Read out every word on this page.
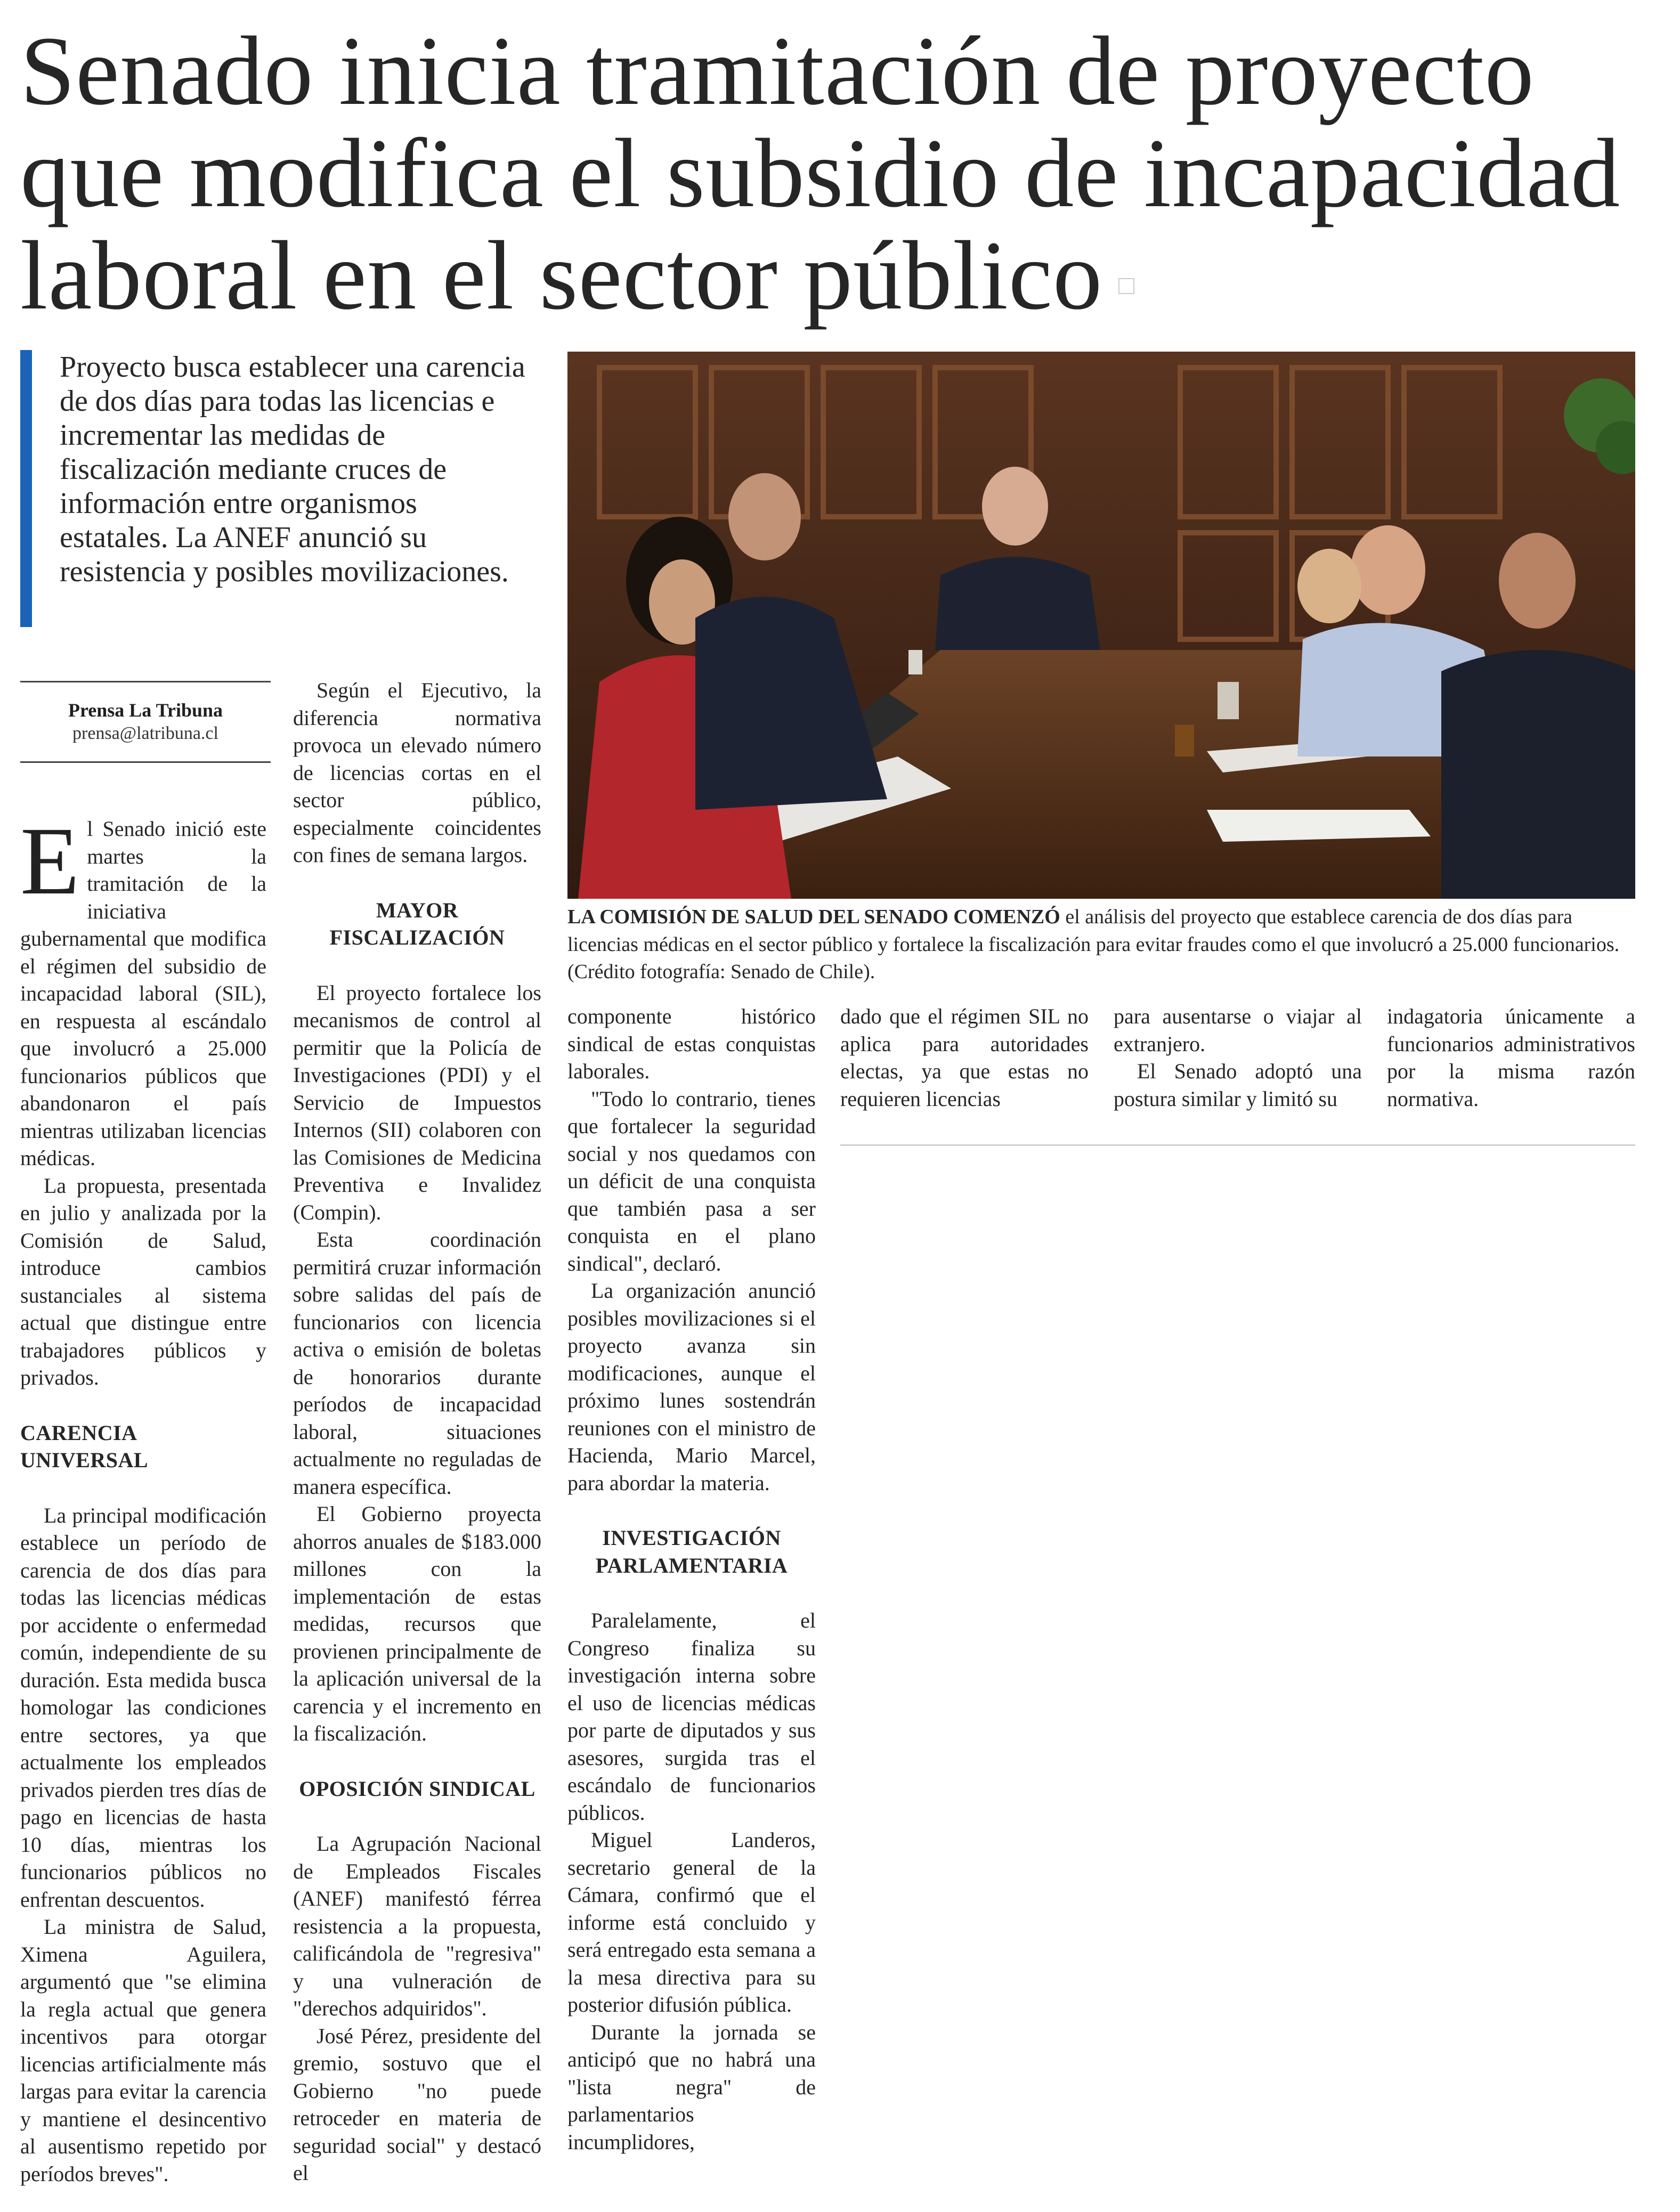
Senado inicia tramitación de proyecto
que modifica el subsidio de incapacidad
laboral en el sector público
Proyecto busca establecer una carencia de dos días para todas las licencias e incrementar las medidas de fiscalización mediante cruces de información entre organismos estatales. La ANEF anunció su resistencia y posibles movilizaciones.
Prensa La Tribuna
prensa@latribuna.cl

El Senado inició este martes la tramitación de la iniciativa gubernamental que modifica el régimen del subsidio de incapacidad laboral (SIL), en respuesta al escándalo que involucró a 25.000 funcionarios públicos que abandonaron el país mientras utilizaban licencias médicas.

La propuesta, presentada en julio y analizada por la Comisión de Salud, introduce cambios sustanciales al sistema actual que distingue entre trabajadores públicos y privados.

CARENCIA UNIVERSAL

La principal modificación establece un período de carencia de dos días para todas las licencias médicas por accidente o enfermedad común, independiente de su duración. Esta medida busca homologar las condiciones entre sectores, ya que actualmente los empleados privados pierden tres días de pago en licencias de hasta 10 días, mientras los funcionarios públicos no enfrentan descuentos.

La ministra de Salud, Ximena Aguilera, argumentó que "se elimina la regla actual que genera incentivos para otorgar licencias artificialmente más largas para evitar la carencia y mantiene el desincentivo al ausentismo repetido por períodos breves".

Según el Ejecutivo, la diferencia normativa provoca un elevado número de licencias cortas en el sector público, especialmente coincidentes con fines de semana largos.

MAYOR FISCALIZACIÓN

El proyecto fortalece los mecanismos de control al permitir que la Policía de Investigaciones (PDI) y el Servicio de Impuestos Internos (SII) colaboren con las Comisiones de Medicina Preventiva e Invalidez (Compin).

Esta coordinación permitirá cruzar información sobre salidas del país de funcionarios con licencia activa o emisión de boletas de honorarios durante períodos de incapacidad laboral, situaciones actualmente no reguladas de manera específica.

El Gobierno proyecta ahorros anuales de $183.000 millones con la implementación de estas medidas, recursos que provienen principalmente de la aplicación universal de la carencia y el incremento en la fiscalización.

OPOSICIÓN SINDICAL

La Agrupación Nacional de Empleados Fiscales (ANEF) manifestó férrea resistencia a la propuesta, calificándola de "regresiva" y una vulneración de "derechos adquiridos".

José Pérez, presidente del gremio, sostuvo que el Gobierno "no puede retroceder en materia de seguridad social" y destacó el

LA COMISIÓN DE SALUD DEL SENADO COMENZÓ el análisis del proyecto que establece carencia de dos días para licencias médicas en el sector público y fortalece la fiscalización para evitar fraudes como el que involucró a 25.000 funcionarios. (Crédito fotografía: Senado de Chile).

componente histórico sindical de estas conquistas laborales.

"Todo lo contrario, tienes que fortalecer la seguridad social y nos quedamos con un déficit de una conquista que también pasa a ser conquista en el plano sindical", declaró.

La organización anunció posibles movilizaciones si el proyecto avanza sin modificaciones, aunque el próximo lunes sostendrán reuniones con el ministro de Hacienda, Mario Marcel, para abordar la materia.

INVESTIGACIÓN PARLAMENTARIA

Paralelamente, el Congreso finaliza su investigación interna sobre el uso de licencias médicas por parte de diputados y sus asesores, surgida tras el escándalo de funcionarios públicos.

Miguel Landeros, secretario general de la Cámara, confirmó que el informe está concluido y será entregado esta semana a la mesa directiva para su posterior difusión pública.

Durante la jornada se anticipó que no habrá una "lista negra" de parlamentarios incumplidores,

dado que el régimen SIL no aplica para autoridades electas, ya que estas no requieren licencias

para ausentarse o viajar al extranjero.

El Senado adoptó una postura similar y limitó su

indagatoria únicamente a funcionarios administrativos por la misma razón normativa.
